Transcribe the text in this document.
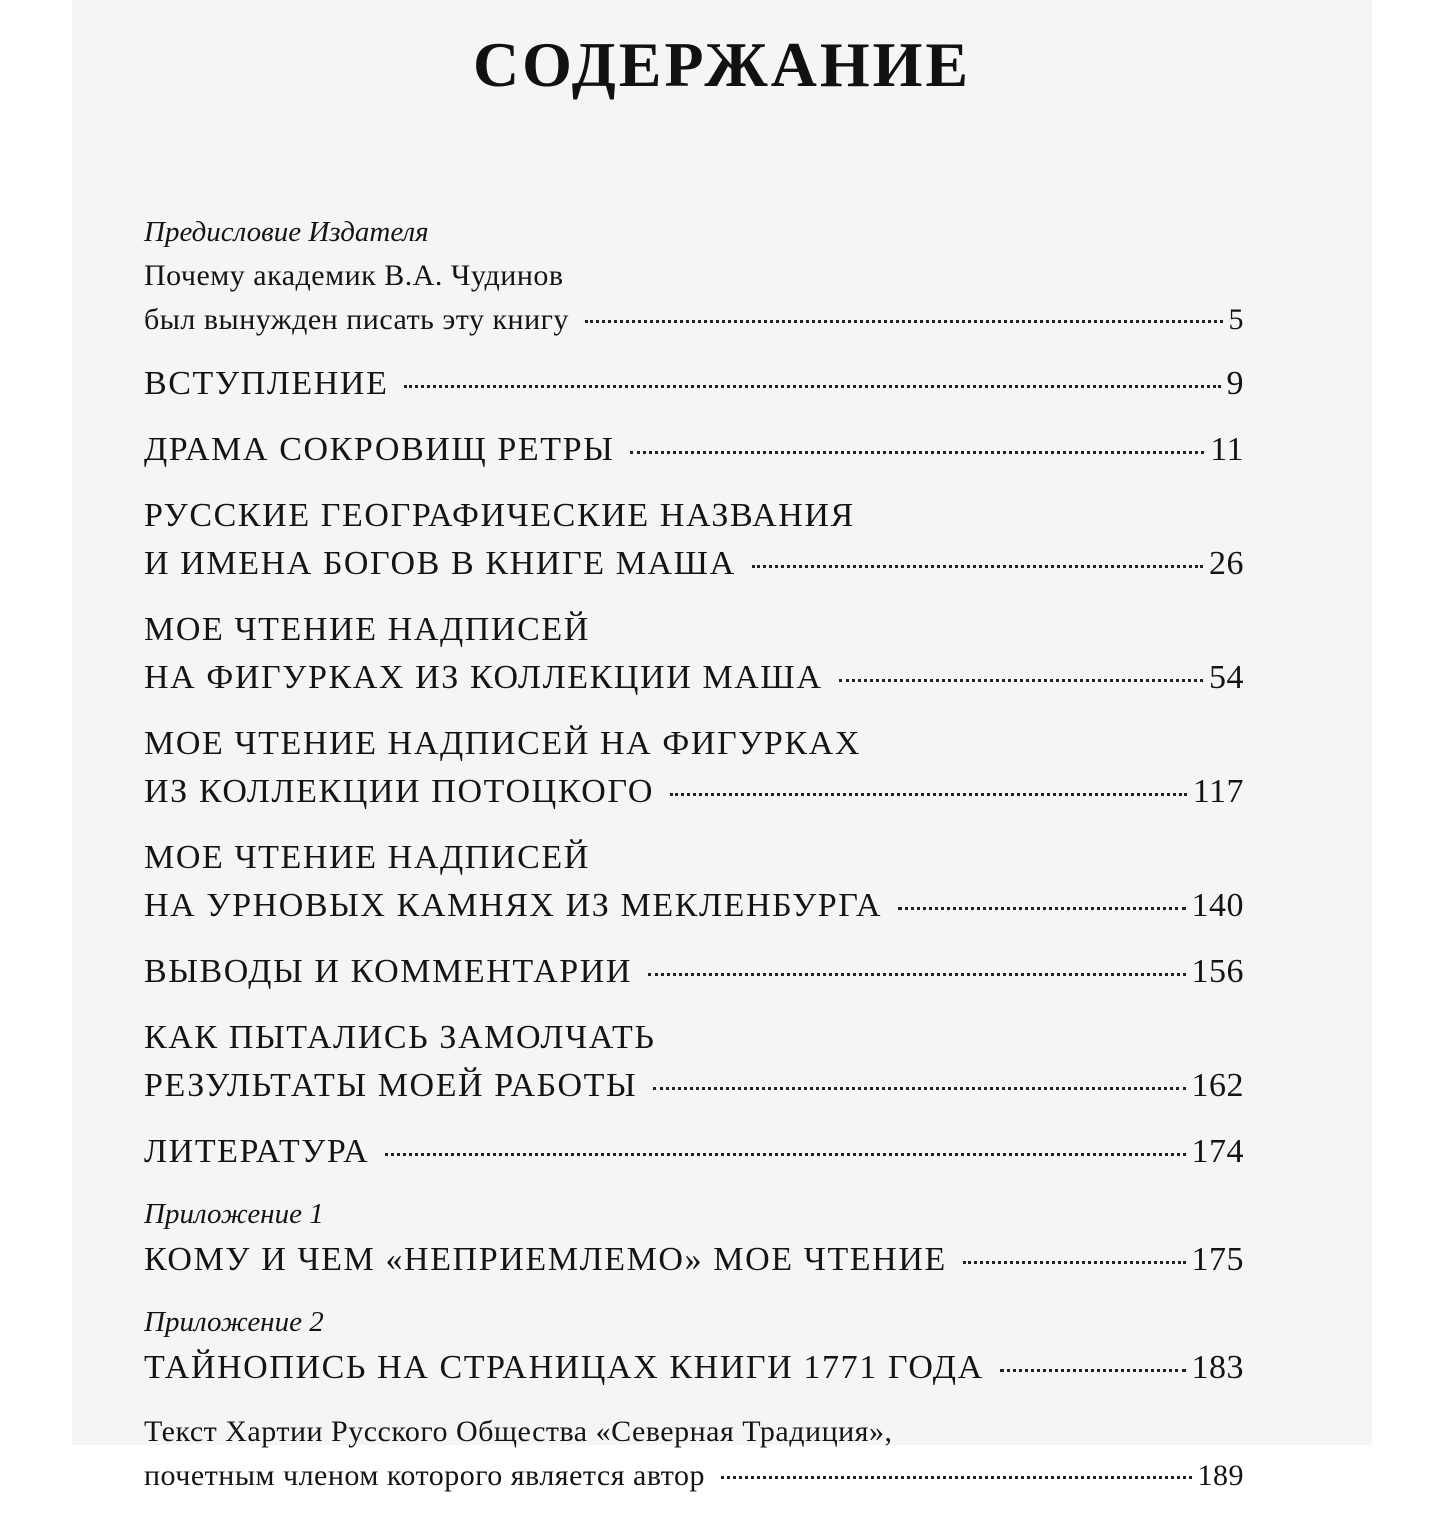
СОДЕРЖАНИЕ
Предисловие Издателя
Почему академик В.А. Чудинов
был вынужден писать эту книгу	5
ВСТУПЛЕНИЕ	9
ДРАМА СОКРОВИЩ РЕТРЫ	11
РУССКИЕ ГЕОГРАФИЧЕСКИЕ НАЗВАНИЯ
И ИМЕНА БОГОВ В КНИГЕ МАША	26
МОЕ ЧТЕНИЕ НАДПИСЕЙ
НА ФИГУРКАХ ИЗ КОЛЛЕКЦИИ МАША	54
МОЕ ЧТЕНИЕ НАДПИСЕЙ НА ФИГУРКАХ
ИЗ КОЛЛЕКЦИИ ПОТОЦКОГО	117
МОЕ ЧТЕНИЕ НАДПИСЕЙ
НА УРНОВЫХ КАМНЯХ ИЗ МЕКЛЕНБУРГА	140
ВЫВОДЫ И КОММЕНТАРИИ	156
КАК ПЫТАЛИСЬ ЗАМОЛЧАТЬ
РЕЗУЛЬТАТЫ МОЕЙ РАБОТЫ	162
ЛИТЕРАТУРА	174
Приложение 1
КОМУ И ЧЕМ «НЕПРИЕМЛЕМО» МОЕ ЧТЕНИЕ	175
Приложение 2
ТАЙНОПИСЬ НА СТРАНИЦАХ КНИГИ 1771 ГОДА	183
Текст Хартии Русского Общества «Северная Традиция»,
почетным членом которого является автор	189
